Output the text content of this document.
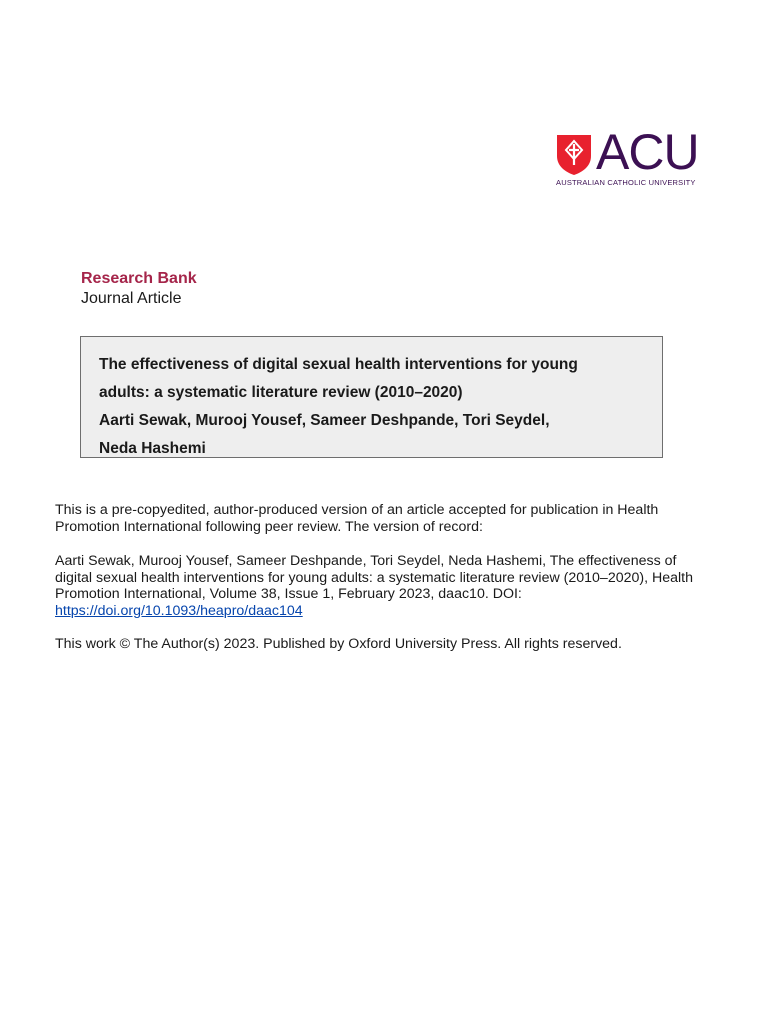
ACU
AUSTRALIAN CATHOLIC UNIVERSITY
Research Bank
Journal Article
The effectiveness of digital sexual health interventions for young
adults: a systematic literature review (2010–2020)
Aarti Sewak, Murooj Yousef, Sameer Deshpande, Tori Seydel,
Neda Hashemi
This is a pre-copyedited, author-produced version of an article accepted for publication in Health
Promotion International following peer review. The version of record:
Aarti Sewak, Murooj Yousef, Sameer Deshpande, Tori Seydel, Neda Hashemi, The effectiveness of
digital sexual health interventions for young adults: a systematic literature review (2010–2020), Health
Promotion International, Volume 38, Issue 1, February 2023, daac10. DOI:
https://doi.org/10.1093/heapro/daac104
This work © The Author(s) 2023. Published by Oxford University Press. All rights reserved.
